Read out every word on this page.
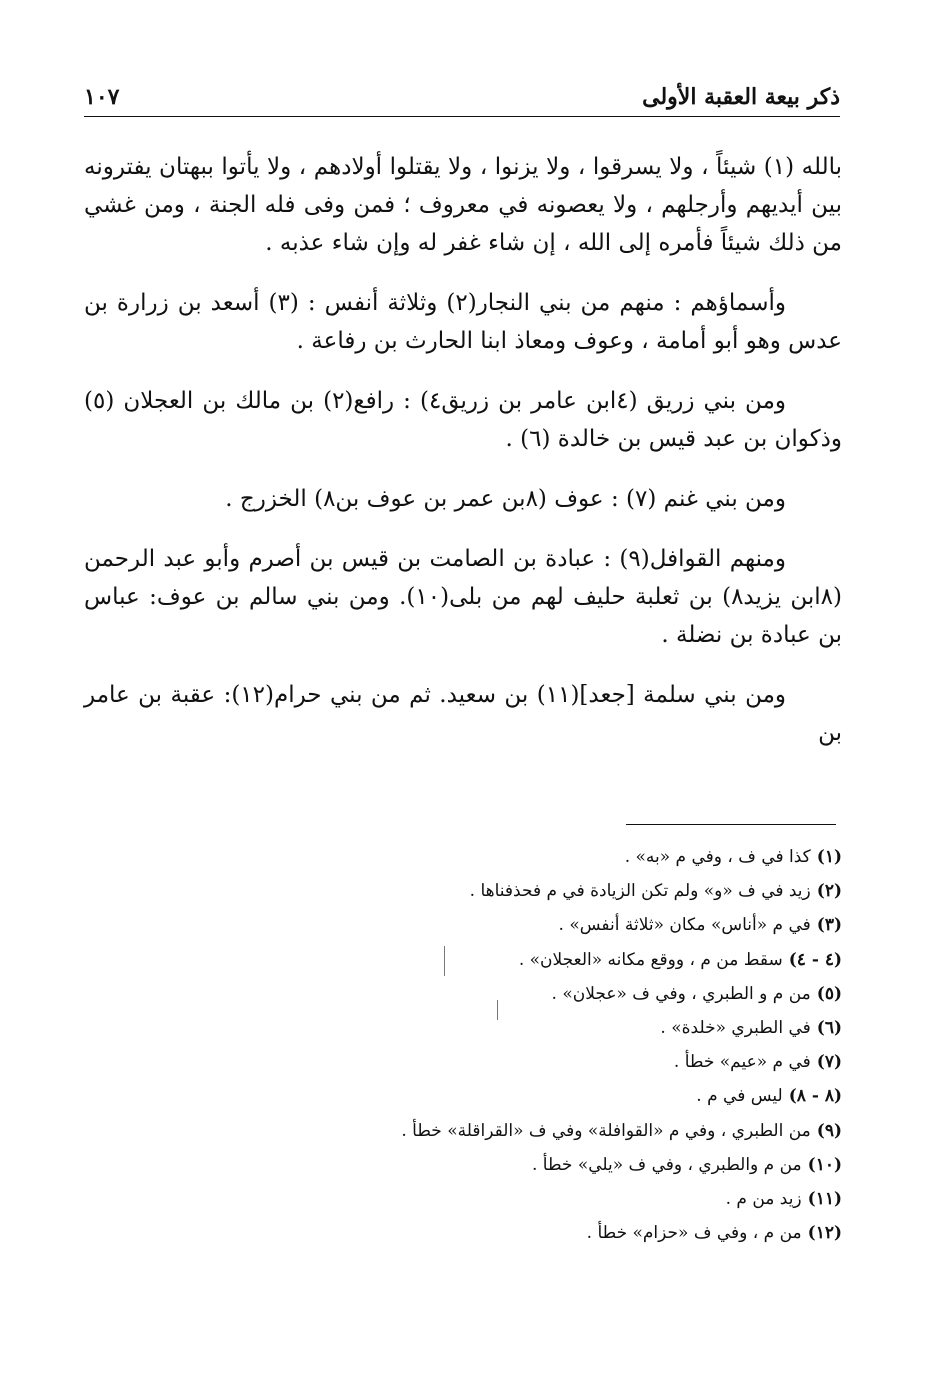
ذكر بيعة العقبة الأولى
١٠٧

بالله (١) شيئاً ، ولا يسرقوا ، ولا يزنوا ، ولا يقتلوا أولادهم ، ولا يأتوا ببهتان يفترونه بين أيديهم وأرجلهم ، ولا يعصونه في معروف ؛ فمن وفى فله الجنة ، ومن غشي من ذلك شيئاً فأمره إلى الله ، إن شاء غفر له وإن شاء عذبه .

وأسماؤهم : منهم من بني النجار(٢) وثلاثة أنفس : (٣) أسعد بن زرارة بن عدس وهو أبو أمامة ، وعوف ومعاذ ابنا الحارث بن رفاعة .

ومن بني زريق (٤ابن عامر بن زريق٤) : رافع(٢) بن مالك بن العجلان (٥) وذكوان بن عبد قيس بن خالدة (٦) .

ومن بني غنم (٧) : عوف (٨بن عمر بن عوف بن٨) الخزرج .

ومنهم القوافل(٩) : عبادة بن الصامت بن قيس بن أصرم وأبو عبد الرحمن (٨ابن يزيد٨) بن ثعلبة حليف لهم من بلى(١٠). ومن بني سالم بن عوف: عباس بن عبادة بن نضلة .

ومن بني سلمة [جعد](١١) بن سعيد. ثم من بني حرام(١٢): عقبة بن عامر بن

(١)كذا في ف ، وفي م «به» .
(٢)زيد في ف «و» ولم تكن الزيادة في م فحذفناها .
(٣)في م «أناس» مكان «ثلاثة أنفس» .
(٤ - ٤)سقط من م ، ووقع مكانه «العجلان» .
(٥)من م و الطبري ، وفي ف «عجلان» .
(٦)في الطبري «خلدة» .
(٧)في م «عيم» خطأ .
(٨ - ٨)ليس في م .
(٩)من الطبري ، وفي م «القوافلة» وفي ف «القراقلة» خطأ .
(١٠)من م والطبري ، وفي ف «يلي» خطأ .
(١١)زيد من م .
(١٢)من م ، وفي ف «حزام» خطأ .
